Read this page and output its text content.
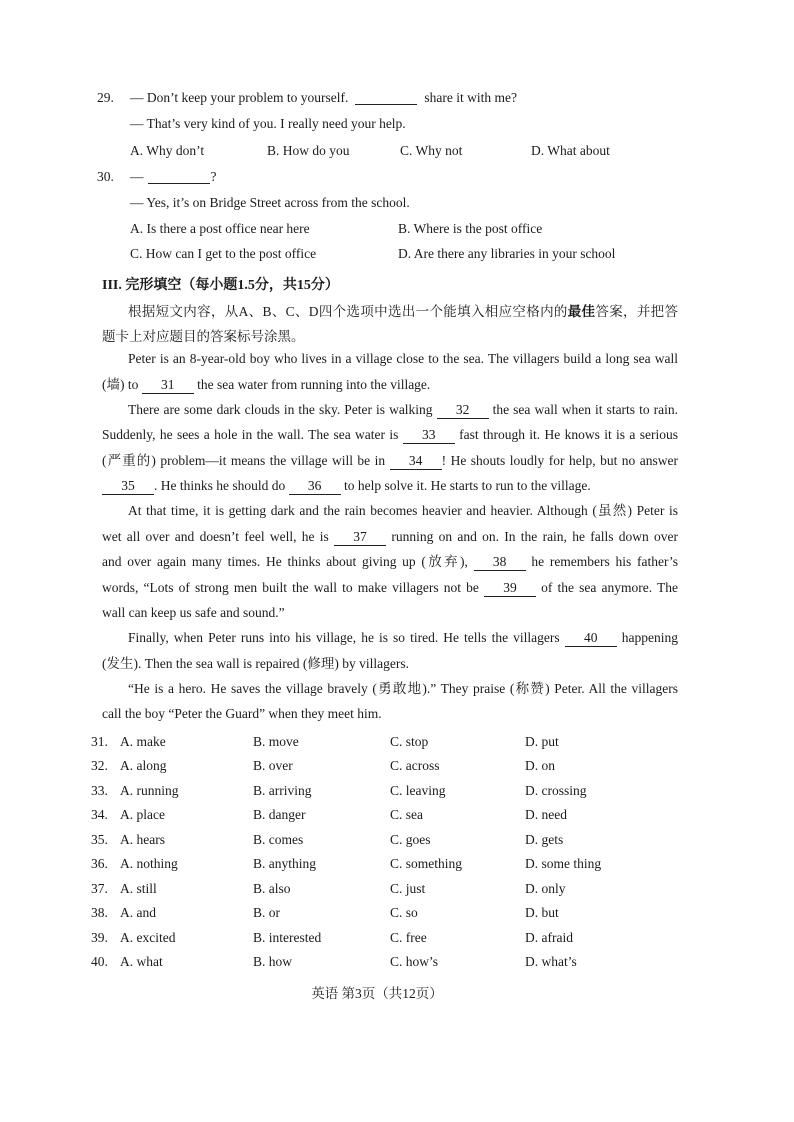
29. — Don’t keep your problem to yourself.	share it with me?
— That’s very kind of you. I really need your help.
A. Why don’t	B. How do you	C. Why not	D. What about
30. —	?
— Yes, it’s on Bridge Street across from the school.
A. Is there a post office near here	B. Where is the post office
C. How can I get to the post office	D. Are there any libraries in your school
III. 完形填空（每小题1.5分，共15分）
根据短文内容，从A、B、C、D四个选项中选出一个能填入相应空格内的最佳答案，并把答
题卡上对应题目的答案标号涂黑。
Peter is an 8-year-old boy who lives in a village close to the sea. The villagers build a long sea wall
(墙) to 31 the sea water from running into the village.
There are some dark clouds in the sky. Peter is walking 32 the sea wall when it starts to rain.
Suddenly, he sees a hole in the wall. The sea water is 33 fast through it. He knows it is a serious
(严重的) problem—it means the village will be in 34 ! He shouts loudly for help, but no answer
35 . He thinks he should do 36 to help solve it. He starts to run to the village.
At that time, it is getting dark and the rain becomes heavier and heavier. Although (虽然) Peter is
wet all over and doesn’t feel well, he is 37 running on and on. In the rain, he falls down over
and over again many times. He thinks about giving up (放弃), 38 he remembers his father’s
words, “Lots of strong men built the wall to make villagers not be 39 of the sea anymore. The
wall can keep us safe and sound.”
Finally, when Peter runs into his village, he is so tired. He tells the villagers 40 happening
(发生). Then the sea wall is repaired (修理) by villagers.
“He is a hero. He saves the village bravely (勇敢地).” They praise (称赞) Peter. All the villagers
call the boy “Peter the Guard” when they meet him.
31. A. make	B. move	C. stop	D. put
32. A. along	B. over	C. across	D. on
33. A. running	B. arriving	C. leaving	D. crossing
34. A. place	B. danger	C. sea	D. need
35. A. hears	B. comes	C. goes	D. gets
36. A. nothing	B. anything	C. something	D. some thing
37. A. still	B. also	C. just	D. only
38. A. and	B. or	C. so	D. but
39. A. excited	B. interested	C. free	D. afraid
40. A. what	B. how	C. how’s	D. what’s
英语 第3页（共12页）
